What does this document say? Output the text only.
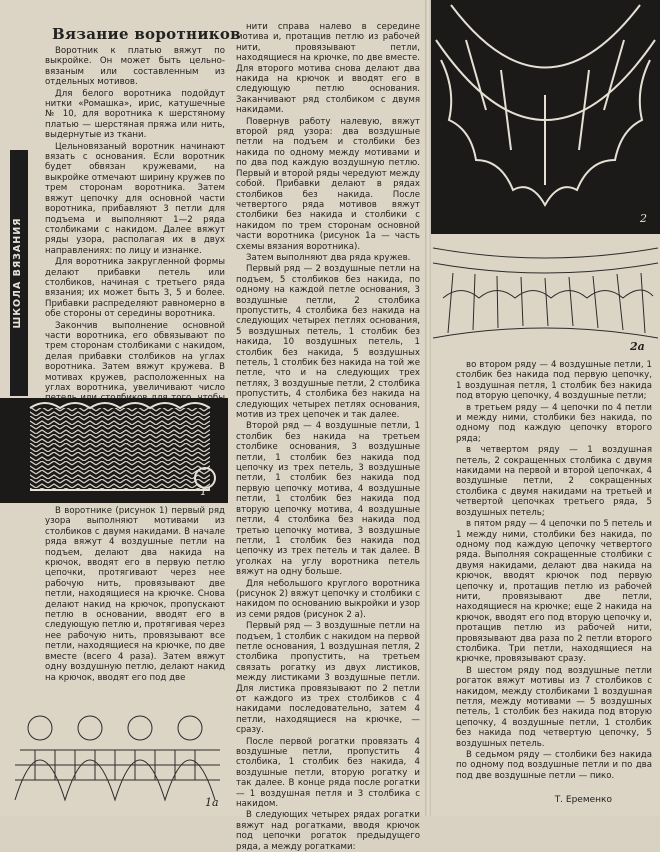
Вязание воротников

Воротник к платью вяжут по выкройке. Он может быть цельно-вязаным или составленным из отдельных мотивов.

Для белого воротника подойдут нитки «Ромашка», ирис, катушечные № 10, для воротника к шерстяному платью — шерстяная пряжа или нить, выдернутые из ткани.

Цельновязаный воротник начинают вязать с основания. Если воротник будет обвязан кружевами, на выкройке отмечают ширину кружев по трем сторонам воротника. Затем вяжут цепочку для основной части воротника, прибавляют 3 петли для подъема и выполняют 1—2 ряда столбиками с накидом. Далее вяжут ряды узора, располагая их в двух направлениях: по лицу и изнанке.

Для воротника закругленной формы делают прибавки петель или столбиков, начиная с третьего ряда вязания; их может быть 3, 5 и более. Прибавки распределяют равномерно в обе стороны от середины воротника.

Закончив выполнение основной части воротника, его обвязывают по трем сторонам столбиками с накидом, делая прибавки столбиков на углах воротника. Затем вяжут кружева. В мотивах кружев, расположенных на углах воротника, увеличивают число

ШКОЛА ВЯЗАНИЯ
1

В воротнике (рисунок 1) первый ряд узора выполняют мотивами из столбиков с двумя накидами. В начале ряда вяжут 4 воздушные петли на подъем, делают два накида на крючок, вводят его в первую петлю цепочки, протягивают через нее рабочую нить, провязывают две петли, находящиеся на крючке. Снова делают накид на крючок, пропускают петлю в основании, вводят его в следующую петлю и, протягивая через нее рабочую нить, провязывают все петли, находящиеся на крючке, по две вместе (всего 4 раза). Затем вяжут одну воздушную петлю, делают накид на крючок, вводят его под две

1а

нити справа налево в середине мотива и, протащив петлю из рабочей нити, провязывают петли, находящиеся на крючке, по две вместе. Для второго мотива снова делают два накида на крючок и вводят его в следующую петлю основания. Заканчивают ряд столбиком с двумя накидами.

Повернув работу налевую, вяжут второй ряд узора: два воздушные петли на подъем и столбики без накида по одному между мотивами и по два под каждую воздушную петлю. Первый и второй ряды чередуют между собой. Прибавки делают в рядах столбиков без накида. После четвертого ряда мотивов вяжут столбики без накида и столбики с накидом по трем сторонам основной части воротника (рисунок 1а — часть схемы вязания воротника).

Затем выполняют два ряда кружев.

Первый ряд — 2 воздушные петли на подъем, 5 столбиков без накида, по одному на каждой петле основания, 3 воздушные петли, 2 столбика пропустить, 4 столбика без накида на следующих четырех петлях основания, 5 воздушных петель, 1 столбик без накида, 10 воздушных петель, 1 столбик без накида, 5 воздушных петель, 1 столбик без накида на той же петле, что и на следующих трех петлях, 3 воздушные петли, 2 столбика пропустить, 4 столбика без накида на следующих четырех петлях основания, мотив из трех цепочек и так далее.

Второй ряд — 4 воздушные петли, 1 столбик без накида на третьем столбике основания, 3 воздушные петли, 1 столбик без накида под цепочку из трех петель, 3 воздушные петли, 1 столбик без накида под первую цепочку мотива, 4 воздушные петли, 1 столбик без накида под вторую цепочку мотива, 4 воздушные петли, 4 столбика без накида под третью цепочку мотива, 3 воздушные петли, 1 столбик без накида под цепочку из трех петель и так далее. В уголках на углу воротника петель вяжут на одну больше.

Для небольшого круглого воротника (рисунок 2) вяжут цепочку и столбики с накидом по основанию выкройки и узор из семи рядов (рисунок 2 а).

Первый ряд — 3 воздушные петли на подъем, 1 столбик с накидом на первой петле основания, 1 воздушная петля, 2 столбика пропустить, на третьем связать рогатку из двух листиков, между листиками 3 воздушные петли. Для листика провязывают по 2 петли от каждого из трех столбиков с 4 накидами последовательно, затем 4 петли, находящиеся на крючке, — сразу.

После первой рогатки провязать 4 воздушные петли, пропустить 4 столбика, 1 столбик без накида, 4 воздушные петли, вторую рогатку и так далее. В конце ряда после рогатки — 1 воздушная петля и 3 столбика с накидом.

В следующих четырех рядах рогатки вяжут над рогатками, вводя крючок под цепочки рогаток предыдущего ряда, а между рогатками:

2
2а

во втором ряду — 4 воздушные петли, 1 столбик без накида под первую цепочку, 1 воздушная петля, 1 столбик без накида под вторую цепочку, 4 воздушные петли;

в третьем ряду — 4 цепочки по 4 петли и между ними, столбики без накида, по одному под каждую цепочку второго ряда;

в четвертом ряду — 1 воздушная петель, 2 сокращенных столбика с двумя накидами на первой и второй цепочках, 4 воздушные петли, 2 сокращенных столбика с двумя накидами на третьей и четвертой цепочках третьего ряда, 5 воздушных петель;

в пятом ряду — 4 цепочки по 5 петель и 1 между ними, столбики без накида, по одному под каждую цепочку четвертого ряда. Выполняя сокращенные столбики с двумя накидами, делают два накида на крючок, вводят крючок под первую цепочку и, протащив петлю из рабочей нити, провязывают две петли, находящиеся на крючке; еще 2 накида на крючок, вводят его под вторую цепочку и, протащив петлю из рабочей нити, провязывают два раза по 2 петли второго столбика. Три петли, находящиеся на крючке, провязывают сразу.

В шестом ряду под воздушные петли рогаток вяжут мотивы из 7 столбиков с накидом, между столбиками 1 воздушная петля, между мотивами — 5 воздушных петель, 1 столбик без накида под вторую цепочку, 4 воздушные петли, 1 столбик без накида под четвертую цепочку, 5 воздушных петель.

В седьмом ряду — столбики без накида по одному под воздушные петли и по два под две воздушные петли — пико.

Т. Еременко
